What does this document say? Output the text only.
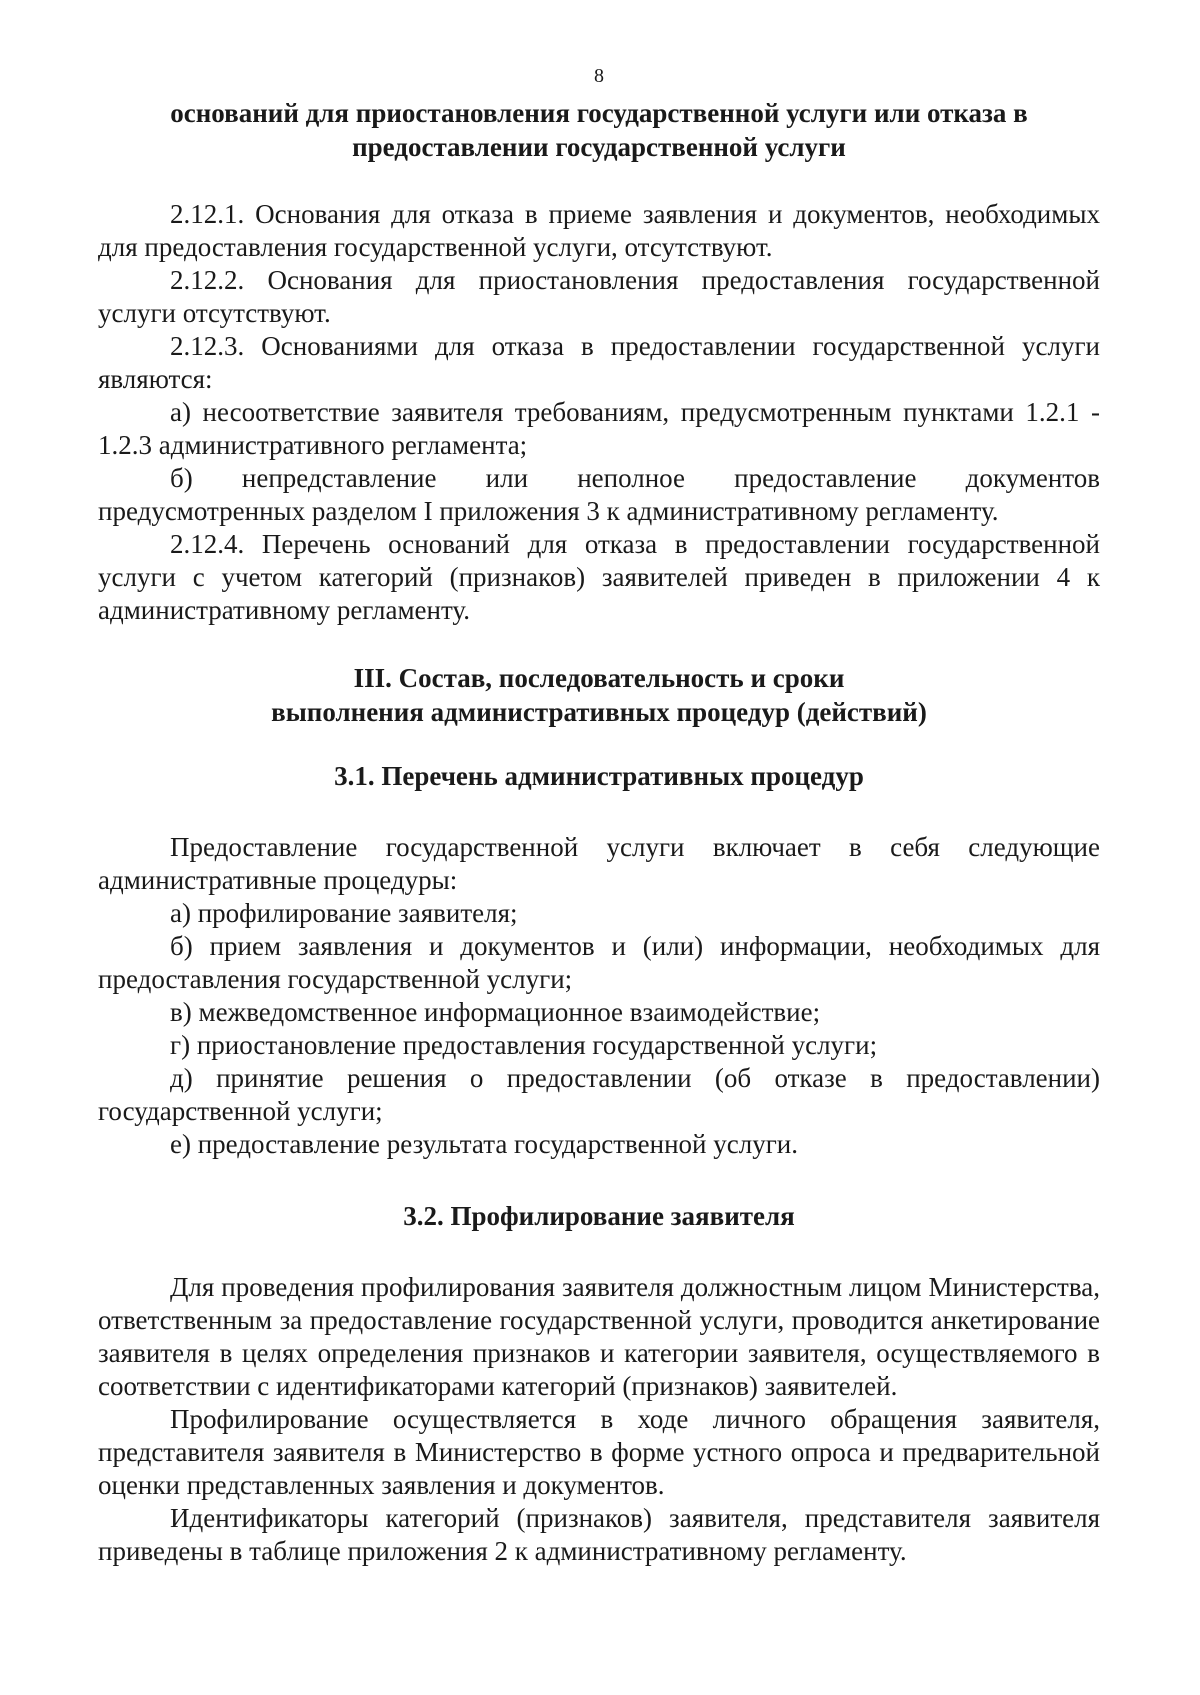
8
оснований для приостановления государственной услуги или отказа в
предоставлении государственной услуги

2.12.1. Основания для отказа в приеме заявления и документов, необходимых для предоставления государственной услуги, отсутствуют.

2.12.2. Основания для приостановления предоставления государственной услуги отсутствуют.

2.12.3. Основаниями для отказа в предоставлении государственной услуги являются:

а) несоответствие заявителя требованиям, предусмотренным пунктами 1.2.1 - 1.2.3 административного регламента;

б) непредставление или неполное предоставление документов предусмотренных разделом I приложения 3 к административному регламенту.

2.12.4. Перечень оснований для отказа в предоставлении государственной услуги с учетом категорий (признаков) заявителей приведен в приложении 4 к административному регламенту.

III. Состав, последовательность и сроки
выполнения административных процедур (действий)
3.1. Перечень административных процедур

Предоставление государственной услуги включает в себя следующие административные процедуры:

а) профилирование заявителя;

б) прием заявления и документов и (или) информации, необходимых для предоставления государственной услуги;

в) межведомственное информационное взаимодействие;

г) приостановление предоставления государственной услуги;

д) принятие решения о предоставлении (об отказе в предоставлении) государственной услуги;

е) предоставление результата государственной услуги.

3.2. Профилирование заявителя

Для проведения профилирования заявителя должностным лицом Министерства, ответственным за предоставление государственной услуги, проводится анкетирование заявителя в целях определения признаков и категории заявителя, осуществляемого в соответствии с идентификаторами категорий (признаков) заявителей.

Профилирование осуществляется в ходе личного обращения заявителя, представителя заявителя в Министерство в форме устного опроса и предварительной оценки представленных заявления и документов.

Идентификаторы категорий (признаков) заявителя, представителя заявителя приведены в таблице приложения 2 к административному регламенту.
